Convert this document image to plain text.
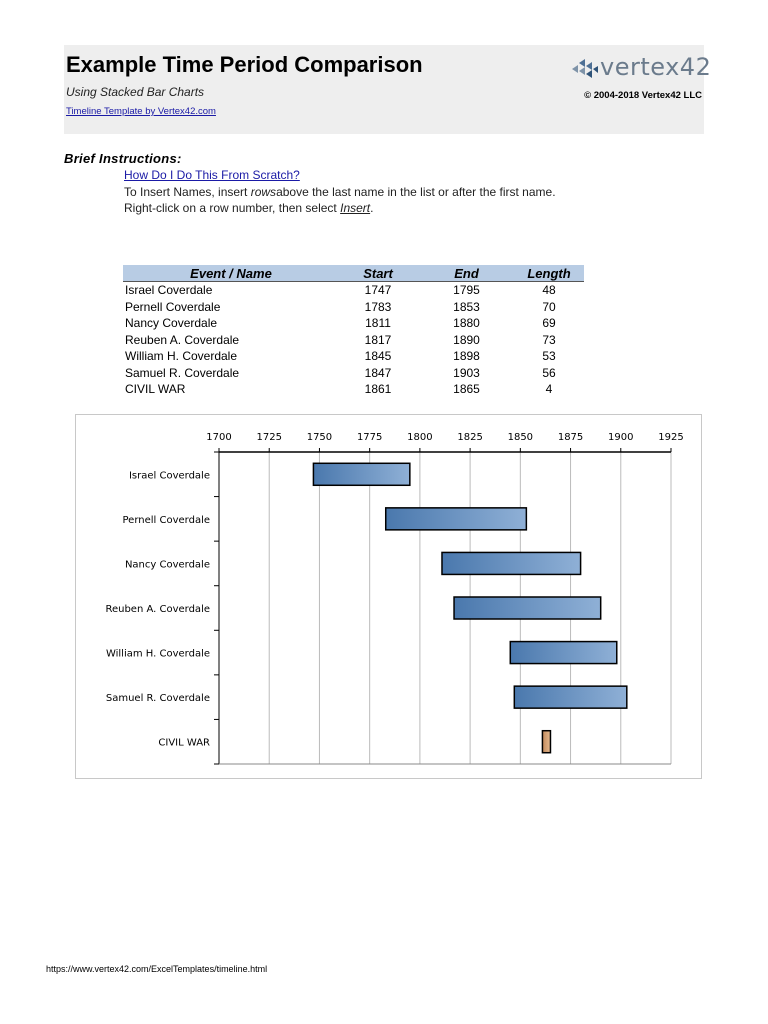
Example Time Period Comparison
Using Stacked Bar Charts
Timeline Template by Vertex42.com
vertex42
© 2004-2018 Vertex42 LLC
Brief Instructions:
How Do I Do This From Scratch?
To Insert Names, insert rowsabove the last name in the list or after the first name.
Right-click on a row number, then select Insert.
Event / Name	Start	End	Length
Israel Coverdale	1747	1795	48
Pernell Coverdale	1783	1853	70
Nancy Coverdale	1811	1880	69
Reuben A. Coverdale	1817	1890	73
William H. Coverdale	1845	1898	53
Samuel R. Coverdale	1847	1903	56
CIVIL WAR	1861	1865	4
1700 1725 1750 1775 1800 1825 1850 1875 1900 1925
Israel Coverdale
Pernell Coverdale
Nancy Coverdale
Reuben A. Coverdale
William H. Coverdale
Samuel R. Coverdale
CIVIL WAR
https://www.vertex42.com/ExcelTemplates/timeline.html
